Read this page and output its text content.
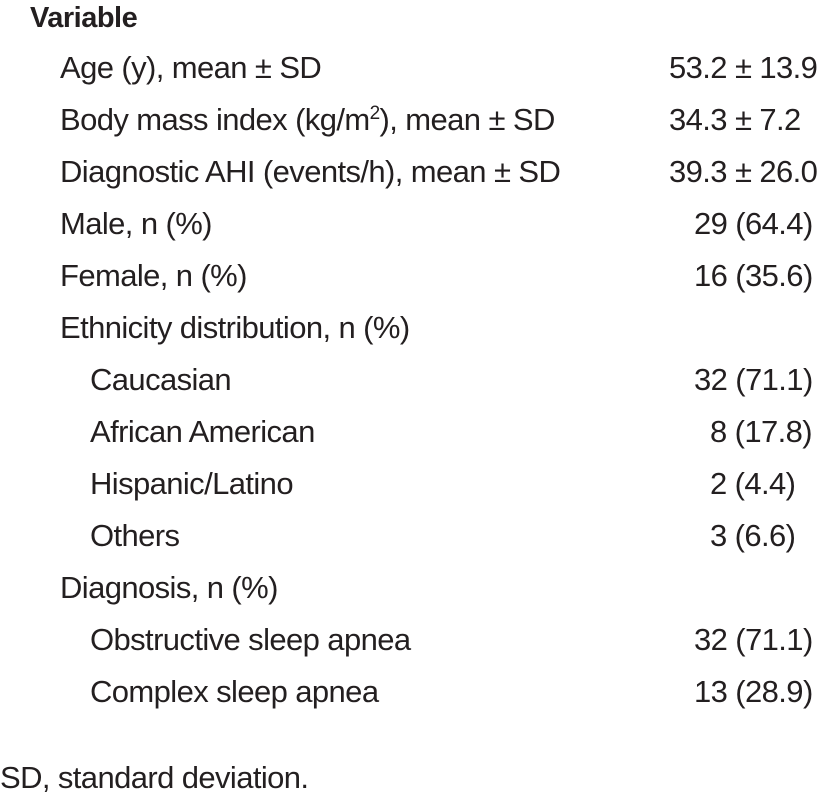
Variable
Age (y), mean ± SD	53.2 ± 13.9
Body mass index $(kg/m^2)$, mean ± SD	34.3 ± 7.2
Diagnostic AHI (events/h), mean ± SD	39.3 ± 26.0
Male, n (%)	29 (64.4)
Female, n (%)	16 (35.6)
Ethnicity distribution, n (%)
Caucasian	32 (71.1)
African American	8 (17.8)
Hispanic/Latino	2 (4.4)
Others	3 (6.6)
Diagnosis, n (%)
Obstructive sleep apnea	32 (71.1)
Complex sleep apnea	13 (28.9)
SD, standard deviation.
